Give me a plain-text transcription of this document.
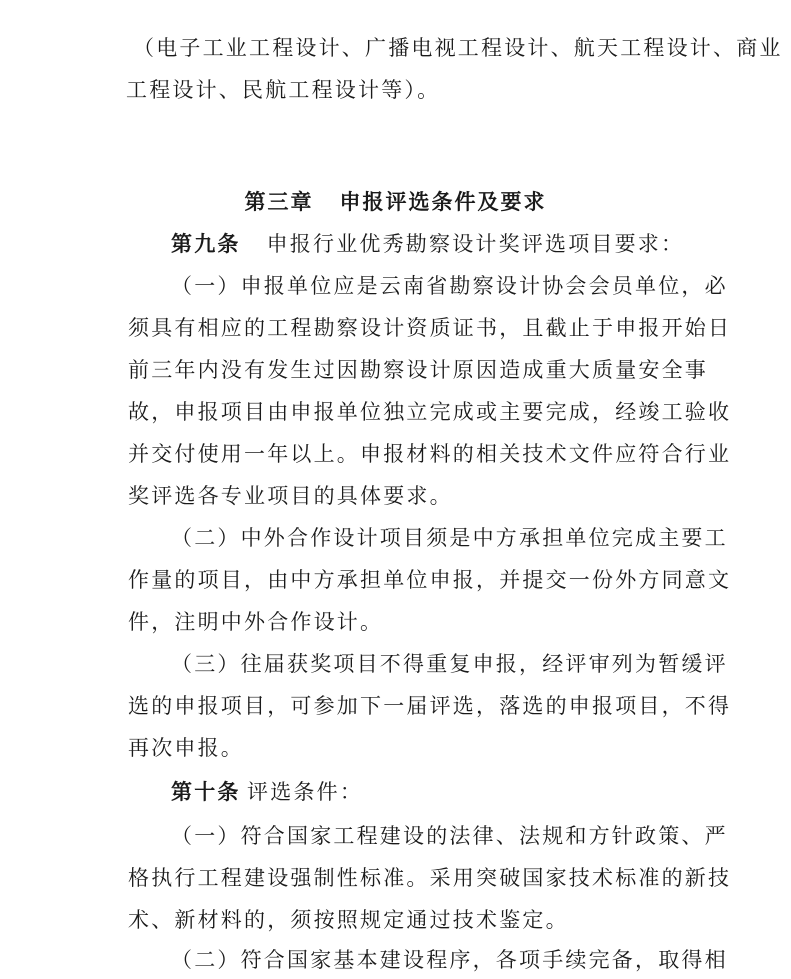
（电子工业工程设计、广播电视工程设计、航天工程设计、商业
工程设计、民航工程设计等）。
第三章 申报评选条件及要求
第九条 申报行业优秀勘察设计奖评选项目要求：
（一）申报单位应是云南省勘察设计协会会员单位，必
须具有相应的工程勘察设计资质证书，且截止于申报开始日
前三年内没有发生过因勘察设计原因造成重大质量安全事
故，申报项目由申报单位独立完成或主要完成，经竣工验收
并交付使用一年以上。申报材料的相关技术文件应符合行业
奖评选各专业项目的具体要求。
（二）中外合作设计项目须是中方承担单位完成主要工
作量的项目，由中方承担单位申报，并提交一份外方同意文
件，注明中外合作设计。
（三）往届获奖项目不得重复申报，经评审列为暂缓评
选的申报项目，可参加下一届评选，落选的申报项目，不得
再次申报。
第十条  评选条件：
（一）符合国家工程建设的法律、法规和方针政策、严
格执行工程建设强制性标准。采用突破国家技术标准的新技
术、新材料的，须按照规定通过技术鉴定。
（二）符合国家基本建设程序，各项手续完备，取得相
